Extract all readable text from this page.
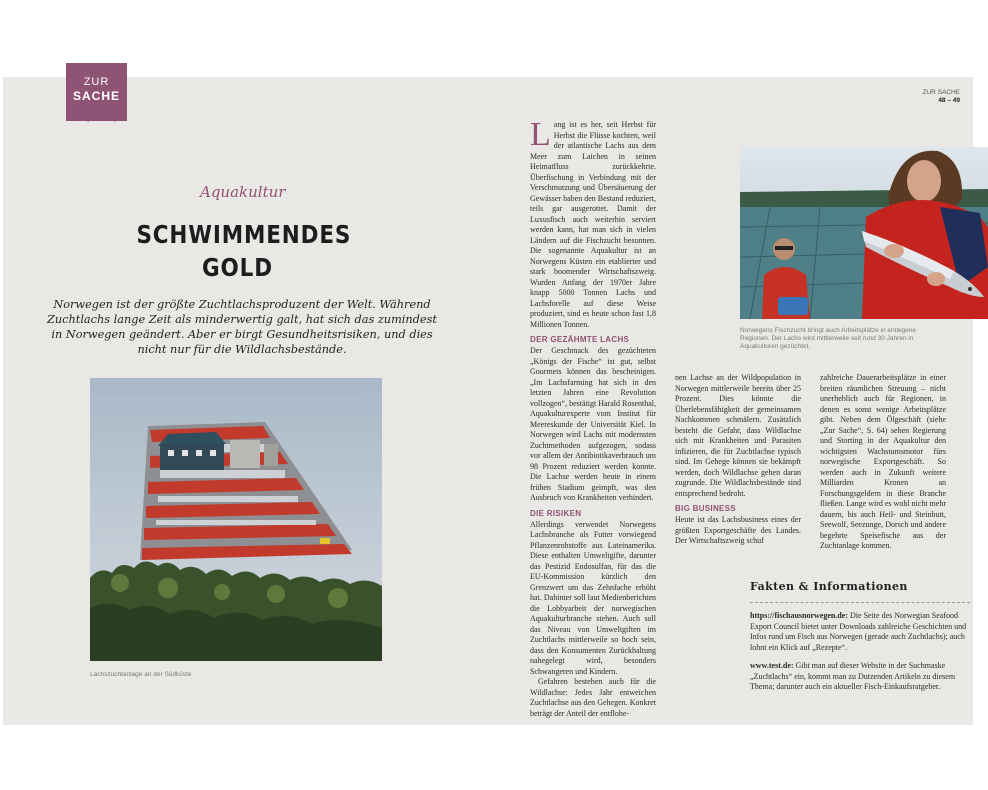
ZUR
SACHE	ZUR SACHE
48 – 49
Aquakultur
SCHWIMMENDES
GOLD
Norwegen ist der größte Zuchtlachsproduzent der Welt. Während Zuchtlachs lange Zeit als minderwertig galt, hat sich das zumindest in Norwegen geändert. Aber er birgt Gesundheitsrisiken, und dies nicht nur für die Wildlachsbestände.
Lachszuchtanlage an der Südküste
Norwegens Fischzucht bringt auch Arbeitsplätze in entlegene Regionen. Der Lachs wird mittlerweile seit rund 30 Jahren in Aquakulturen gezüchtet.

Lang ist es her, seit Herbst für Herbst die Flüsse kochten, weil der atlantische Lachs aus dem Meer zum Laichen in seinen Heimatfluss zurückkehrte. Überfischung in Verbindung mit der Verschmutzung und Übersäuerung der Gewässer haben den Bestand reduziert, teils gar ausgerottet. Damit der Luxusfisch auch weiterhin serviert werden kann, hat man sich in vielen Ländern auf die Fischzucht besonnen. Die sogenannte Aquakultur ist an Norwegens Küsten ein etablierter und stark boomender Wirtschaftszweig. Wurden Anfang der 1970er Jahre knapp 5000 Tonnen Lachs und Lachsforelle auf diese Weise produziert, sind es heute schon fast 1,8 Millionen Tonnen.

DER GEZÄHMTE LACHS

Der Geschmack des gezüchteten „Königs der Fische“ ist gut, selbst Gourmets können das bescheinigen. „Im Lachsfarming hat sich in den letzten Jahren eine Revolution vollzogen“, bestätigt Harald Rosenthal, Aquakulturexperte vom Institut für Meereskunde der Universität Kiel. In Norwegen wird Lachs mit modernsten Zuchtmethoden aufgezogen, sodass vor allem der Antibiotikaverbrauch um 98 Prozent reduziert werden konnte. Die Lachse werden heute in einem frühen Stadium geimpft, was den Ausbruch von Krankheiten verhindert.

DIE RISIKEN

Allerdings verwendet Norwegens Lachsbranche als Futter vorwiegend Pflanzenrohstoffe aus Lateinamerika. Diese enthalten Umweltgifte, darunter das Pestizid Endosulfan, für das die EU-Kommission kürzlich den Grenzwert um das Zehnfache erhöht hat. Dahinter soll laut Medienberichten die Lobbyarbeit der norwegischen Aquakulturbranche stehen. Auch soll das Niveau von Umweltgiften im Zuchtlachs mittlerweile so hoch sein, dass den Konsumenten Zurückhaltung nahegelegt wird, besonders Schwangeren und Kindern.

Gefahren bestehen auch für die Wildlachse: Jedes Jahr entweichen Zuchtlachse aus den Gehegen. Konkret beträgt der Anteil der entflohe-

nen Lachse an der Wildpopulation in Norwegen mittlerweile bereits über 25 Prozent. Dies könnte die Überlebensfähigkeit der gemeinsamen Nachkommen schmälern. Zusätzlich besteht die Gefahr, dass Wildlachse sich mit Krankheiten und Parasiten infizieren, die für Zuchtlachse typisch sind. Im Gehege können sie bekämpft werden, doch Wildlachse gehen daran zugrunde. Die Wildlachsbestände sind entsprechend bedroht.

BIG BUSINESS

Heute ist das Lachsbusiness eines der größten Exportgeschäfte des Landes. Der Wirtschaftszweig schuf

zahlreiche Dauerarbeitsplätze in einer breiten räumlichen Streuung – nicht unerheblich auch für Regionen, in denen es sonst wenige Arbeitsplätze gibt. Neben dem Ölgeschäft (siehe „Zur Sache“, S. 64) sehen Regierung und Storting in der Aquakultur den wichtigsten Wachstumsmotor fürs norwegische Exportgeschäft. So werden auch in Zukunft weitere Milliarden Kronen an Forschungsgeldern in diese Branche fließen. Lange wird es wohl nicht mehr dauern, bis auch Heil- und Steinbutt, Seewolf, Seezunge, Dorsch und andere begehrte Speisefische aus der Zuchtanlage kommen.

Fakten & Informationen

https://fischausnorwegen.de: Die Seite des Norwegian Seafood Export Council bietet unter Downloads zahlreiche Geschichten und Infos rund um Fisch aus Norwegen (gerade auch Zuchtlachs); auch lohnt ein Klick auf „Rezepte“.

www.test.de: Gibt man auf dieser Website in der Suchmaske „Zuchtlachs“ ein, kommt man zu Dutzenden Artikeln zu diesem Thema; darunter auch ein aktueller Fisch-Einkaufsratgeber.
